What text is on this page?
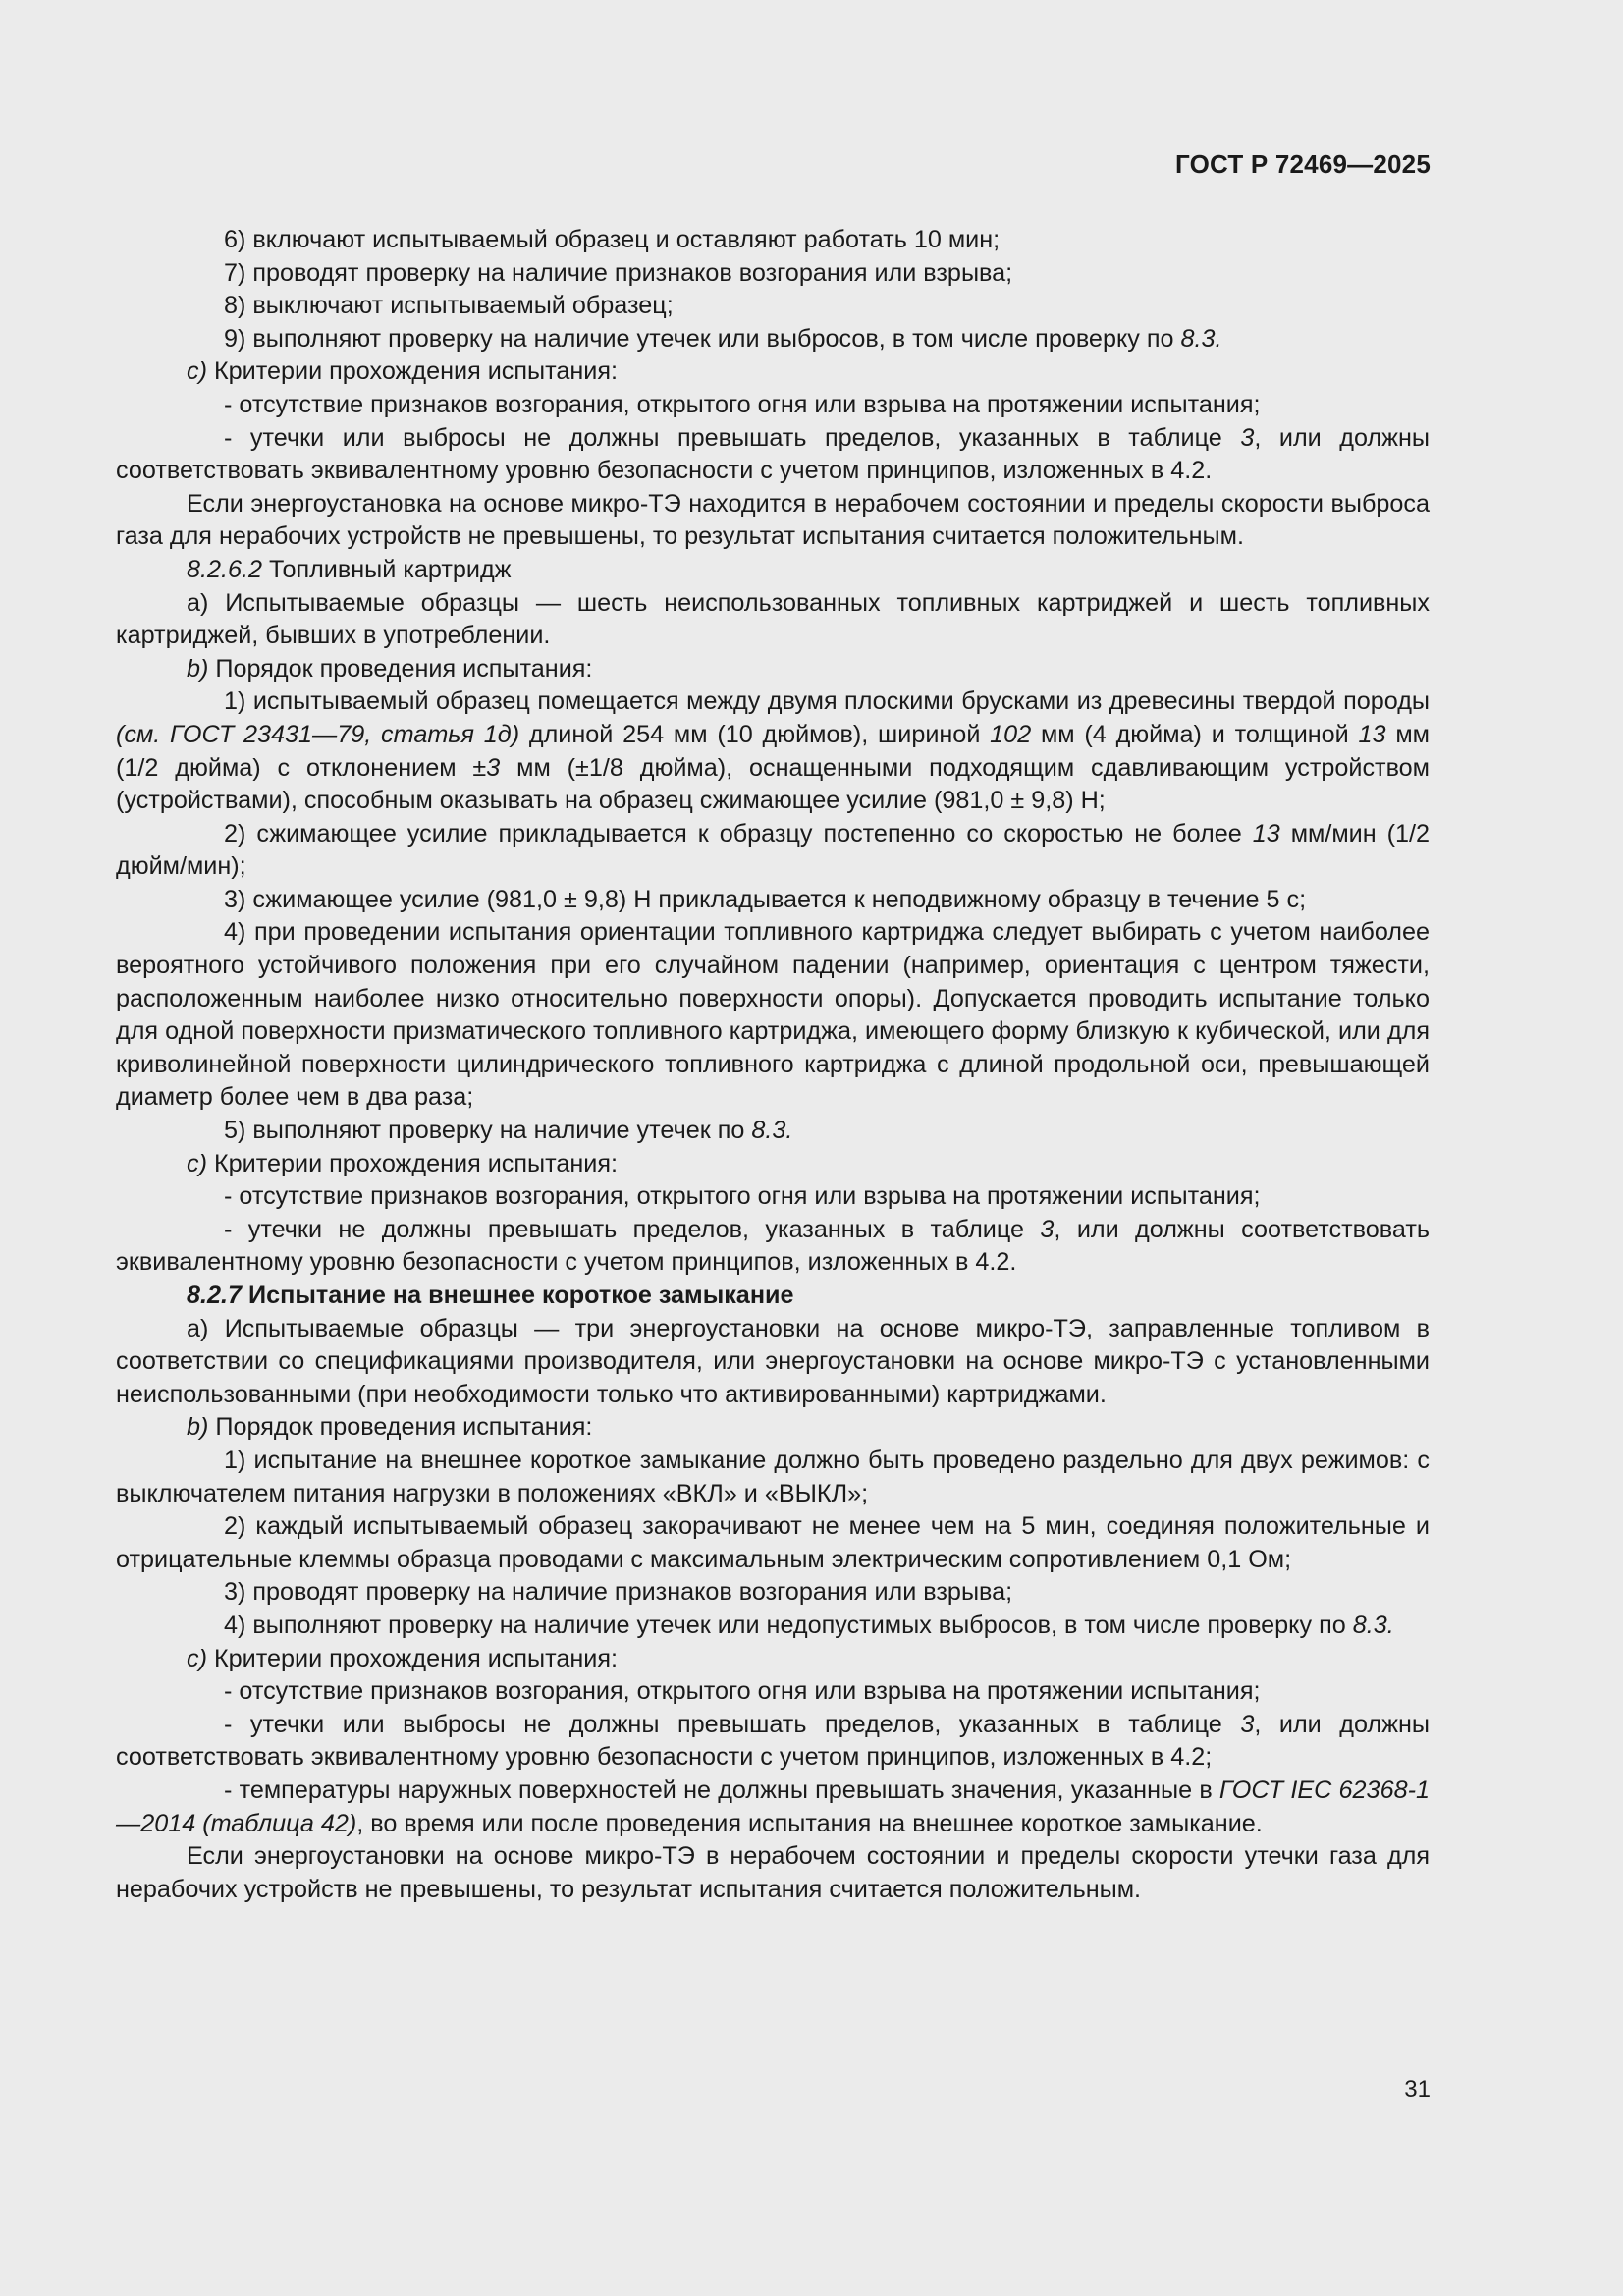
ГОСТ Р 72469—2025

6) включают испытываемый образец и оставляют работать 10 мин;

7) проводят проверку на наличие признаков возгорания или взрыва;

8) выключают испытываемый образец;

9) выполняют проверку на наличие утечек или выбросов, в том числе проверку по 8.3.

c) Критерии прохождения испытания:

- отсутствие признаков возгорания, открытого огня или взрыва на протяжении испытания;

- утечки или выбросы не должны превышать пределов, указанных в таблице 3, или должны соответствовать эквивалентному уровню безопасности с учетом принципов, изложенных в 4.2.

Если энергоустановка на основе микро-ТЭ находится в нерабочем состоянии и пределы скорости выброса газа для нерабочих устройств не превышены, то результат испытания считается положительным.

8.2.6.2 Топливный картридж

а) Испытываемые образцы — шесть неиспользованных топливных картриджей и шесть топливных картриджей, бывших в употреблении.

b) Порядок проведения испытания:

1) испытываемый образец помещается между двумя плоскими брусками из древесины твердой породы (см. ГОСТ 23431—79, статья 1д) длиной 254 мм (10 дюймов), шириной 102 мм (4 дюйма) и толщиной 13 мм (1/2 дюйма) с отклонением ±3 мм (±1/8 дюйма), оснащенными подходящим сдавливающим устройством (устройствами), способным оказывать на образец сжимающее усилие (981,0 ± 9,8) Н;

2) сжимающее усилие прикладывается к образцу постепенно со скоростью не более 13 мм/мин (1/2 дюйм/мин);

3) сжимающее усилие (981,0 ± 9,8) Н прикладывается к неподвижному образцу в течение 5 с;

4) при проведении испытания ориентации топливного картриджа следует выбирать с учетом наиболее вероятного устойчивого положения при его случайном падении (например, ориентация с центром тяжести, расположенным наиболее низко относительно поверхности опоры). Допускается проводить испытание только для одной поверхности призматического топливного картриджа, имеющего форму близкую к кубической, или для криволинейной поверхности цилиндрического топливного картриджа с длиной продольной оси, превышающей диаметр более чем в два раза;

5) выполняют проверку на наличие утечек по 8.3.

c) Критерии прохождения испытания:

- отсутствие признаков возгорания, открытого огня или взрыва на протяжении испытания;

- утечки не должны превышать пределов, указанных в таблице 3, или должны соответствовать эквивалентному уровню безопасности с учетом принципов, изложенных в 4.2.

8.2.7 Испытание на внешнее короткое замыкание

а) Испытываемые образцы — три энергоустановки на основе микро-ТЭ, заправленные топливом в соответствии со спецификациями производителя, или энергоустановки на основе микро-ТЭ с установленными неиспользованными (при необходимости только что активированными) картриджами.

b) Порядок проведения испытания:

1) испытание на внешнее короткое замыкание должно быть проведено раздельно для двух режимов: с выключателем питания нагрузки в положениях «ВКЛ» и «ВЫКЛ»;

2) каждый испытываемый образец закорачивают не менее чем на 5 мин, соединяя положительные и отрицательные клеммы образца проводами с максимальным электрическим сопротивлением 0,1 Ом;

3) проводят проверку на наличие признаков возгорания или взрыва;

4) выполняют проверку на наличие утечек или недопустимых выбросов, в том числе проверку по 8.3.

c) Критерии прохождения испытания:

- отсутствие признаков возгорания, открытого огня или взрыва на протяжении испытания;

- утечки или выбросы не должны превышать пределов, указанных в таблице 3, или должны соответствовать эквивалентному уровню безопасности с учетом принципов, изложенных в 4.2;

- температуры наружных поверхностей не должны превышать значения, указанные в ГОСТ IEC 62368-1—2014 (таблица 42), во время или после проведения испытания на внешнее короткое замыкание.

Если энергоустановки на основе микро-ТЭ в нерабочем состоянии и пределы скорости утечки газа для нерабочих устройств не превышены, то результат испытания считается положительным.

31
